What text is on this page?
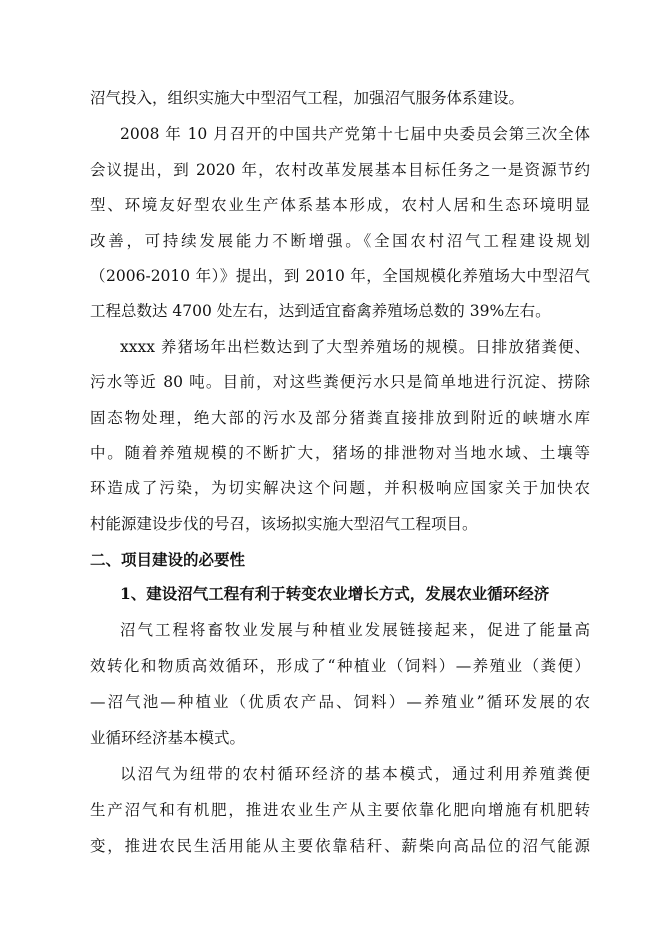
沼气投入，组织实施大中型沼气工程，加强沼气服务体系建设。
2008 年 10 月召开的中国共产党第十七届中央委员会第三次全体
会议提出，到 2020 年，农村改革发展基本目标任务之一是资源节约
型、环境友好型农业生产体系基本形成，农村人居和生态环境明显
改善，可持续发展能力不断增强。《全国农村沼气工程建设规划
（2006-2010 年）》提出，到 2010 年，全国规模化养殖场大中型沼气
工程总数达 4700 处左右，达到适宜畜禽养殖场总数的 39%左右。
xxxx 养猪场年出栏数达到了大型养殖场的规模。日排放猪粪便、
污水等近 80 吨。目前，对这些粪便污水只是简单地进行沉淀、捞除
固态物处理，绝大部的污水及部分猪粪直接排放到附近的峡塘水库
中。随着养殖规模的不断扩大，猪场的排泄物对当地水域、土壤等
环造成了污染，为切实解决这个问题，并积极响应国家关于加快农
村能源建设步伐的号召，该场拟实施大型沼气工程项目。
二、项目建设的必要性
1、建设沼气工程有利于转变农业增长方式，发展农业循环经济
沼气工程将畜牧业发展与种植业发展链接起来，促进了能量高
效转化和物质高效循环，形成了“种植业（饲料）—养殖业（粪便）
—沼气池—种植业（优质农产品、饲料）—养殖业”循环发展的农
业循环经济基本模式。
以沼气为纽带的农村循环经济的基本模式，通过利用养殖粪便
生产沼气和有机肥，推进农业生产从主要依靠化肥向增施有机肥转
变，推进农民生活用能从主要依靠秸秆、薪柴向高品位的沼气能源
